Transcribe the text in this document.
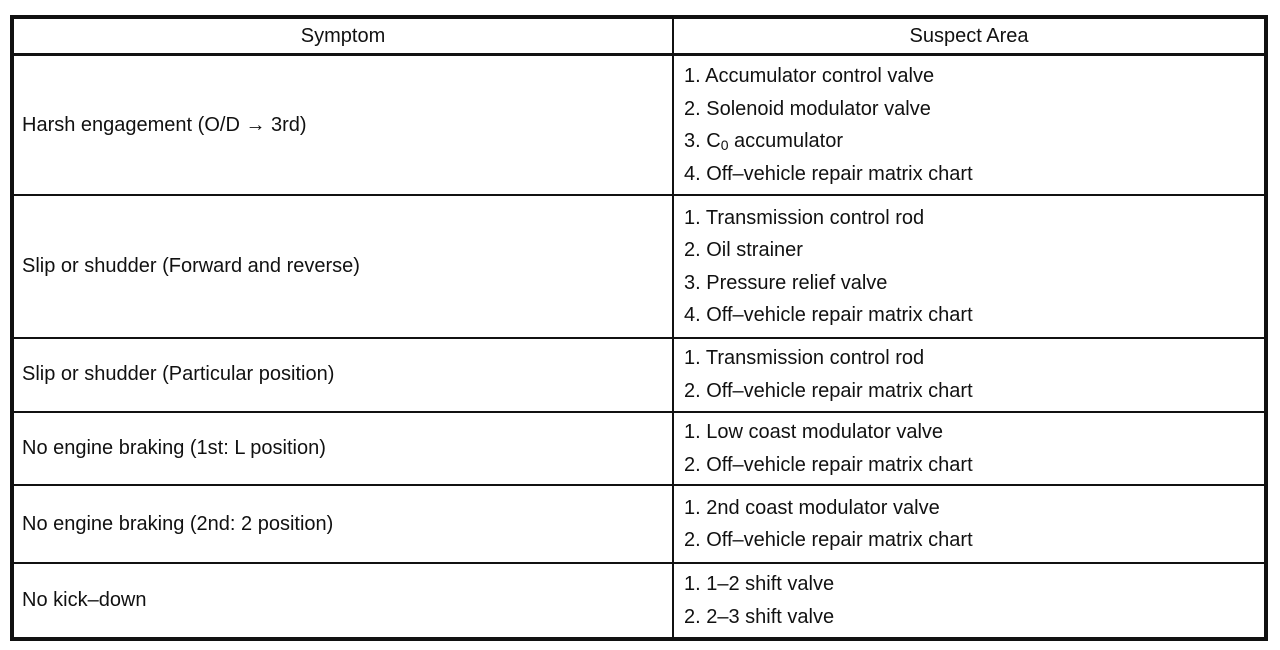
Symptom	Suspect Area
Harsh engagement (O/D → 3rd)	1. Accumulator control valve
2. Solenoid modulator valve
3. $C_0$ accumulator
4. Off–vehicle repair matrix chart

Slip or shudder (Forward and reverse)	1. Transmission control rod
2. Oil strainer
3. Pressure relief valve
4. Off–vehicle repair matrix chart

Slip or shudder (Particular position)	1. Transmission control rod
2. Off–vehicle repair matrix chart

No engine braking (1st: L position)	1. Low coast modulator valve
2. Off–vehicle repair matrix chart

No engine braking (2nd: 2 position)	1. 2nd coast modulator valve
2. Off–vehicle repair matrix chart

No kick–down	1. 1–2 shift valve
2. 2–3 shift valve
